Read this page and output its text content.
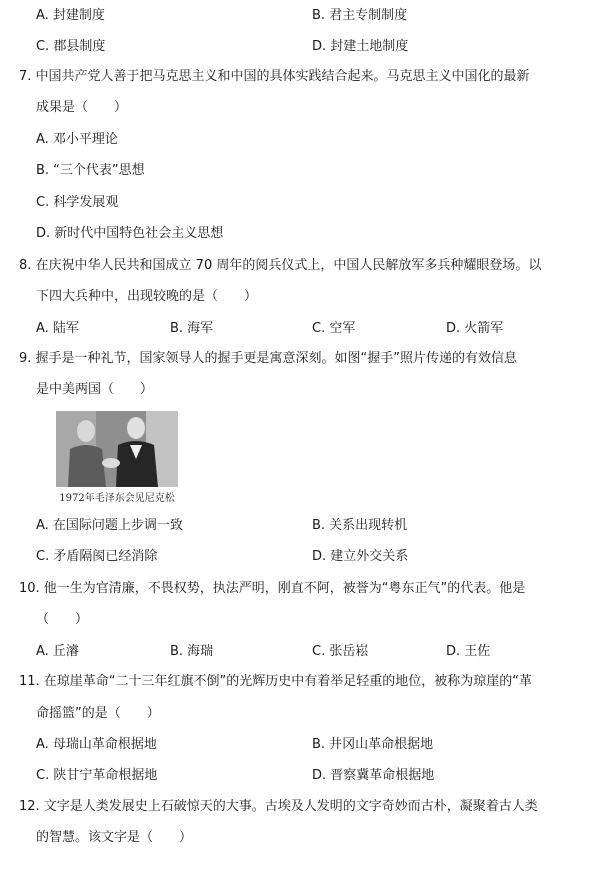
A. 封建制度	B. 君主专制制度
C. 郡县制度	D. 封建土地制度
7. 中国共产党人善于把马克思主义和中国的具体实践结合起来。马克思主义中国化的最新
成果是（　　）
A. 邓小平理论
B. “三个代表”思想
C. 科学发展观
D. 新时代中国特色社会主义思想
8. 在庆祝中华人民共和国成立 70 周年的阅兵仪式上，中国人民解放军多兵种耀眼登场。以
下四大兵种中，出现较晚的是（　　）
A. 陆军	B. 海军	C. 空军	D. 火箭军
9. 握手是一种礼节，国家领导人的握手更是寓意深刻。如图“握手”照片传递的有效信息
是中美两国（　　）
1972年毛泽东会见尼克松
A. 在国际问题上步调一致	B. 关系出现转机
C. 矛盾隔阂已经消除	D. 建立外交关系
10. 他一生为官清廉，不畏权势，执法严明，刚直不阿，被誉为“粤东正气”的代表。他是
（　　）
A. 丘濬	B. 海瑞	C. 张岳崧	D. 王佐
11. 在琼崖革命“二十三年红旗不倒”的光辉历史中有着举足轻重的地位，被称为琼崖的“革
命摇篮”的是（　　）
A. 母瑞山革命根据地	B. 井冈山革命根据地
C. 陕甘宁革命根据地	D. 晋察冀革命根据地
12. 文字是人类发展史上石破惊天的大事。古埃及人发明的文字奇妙而古朴，凝聚着古人类
的智慧。该文字是（　　）
